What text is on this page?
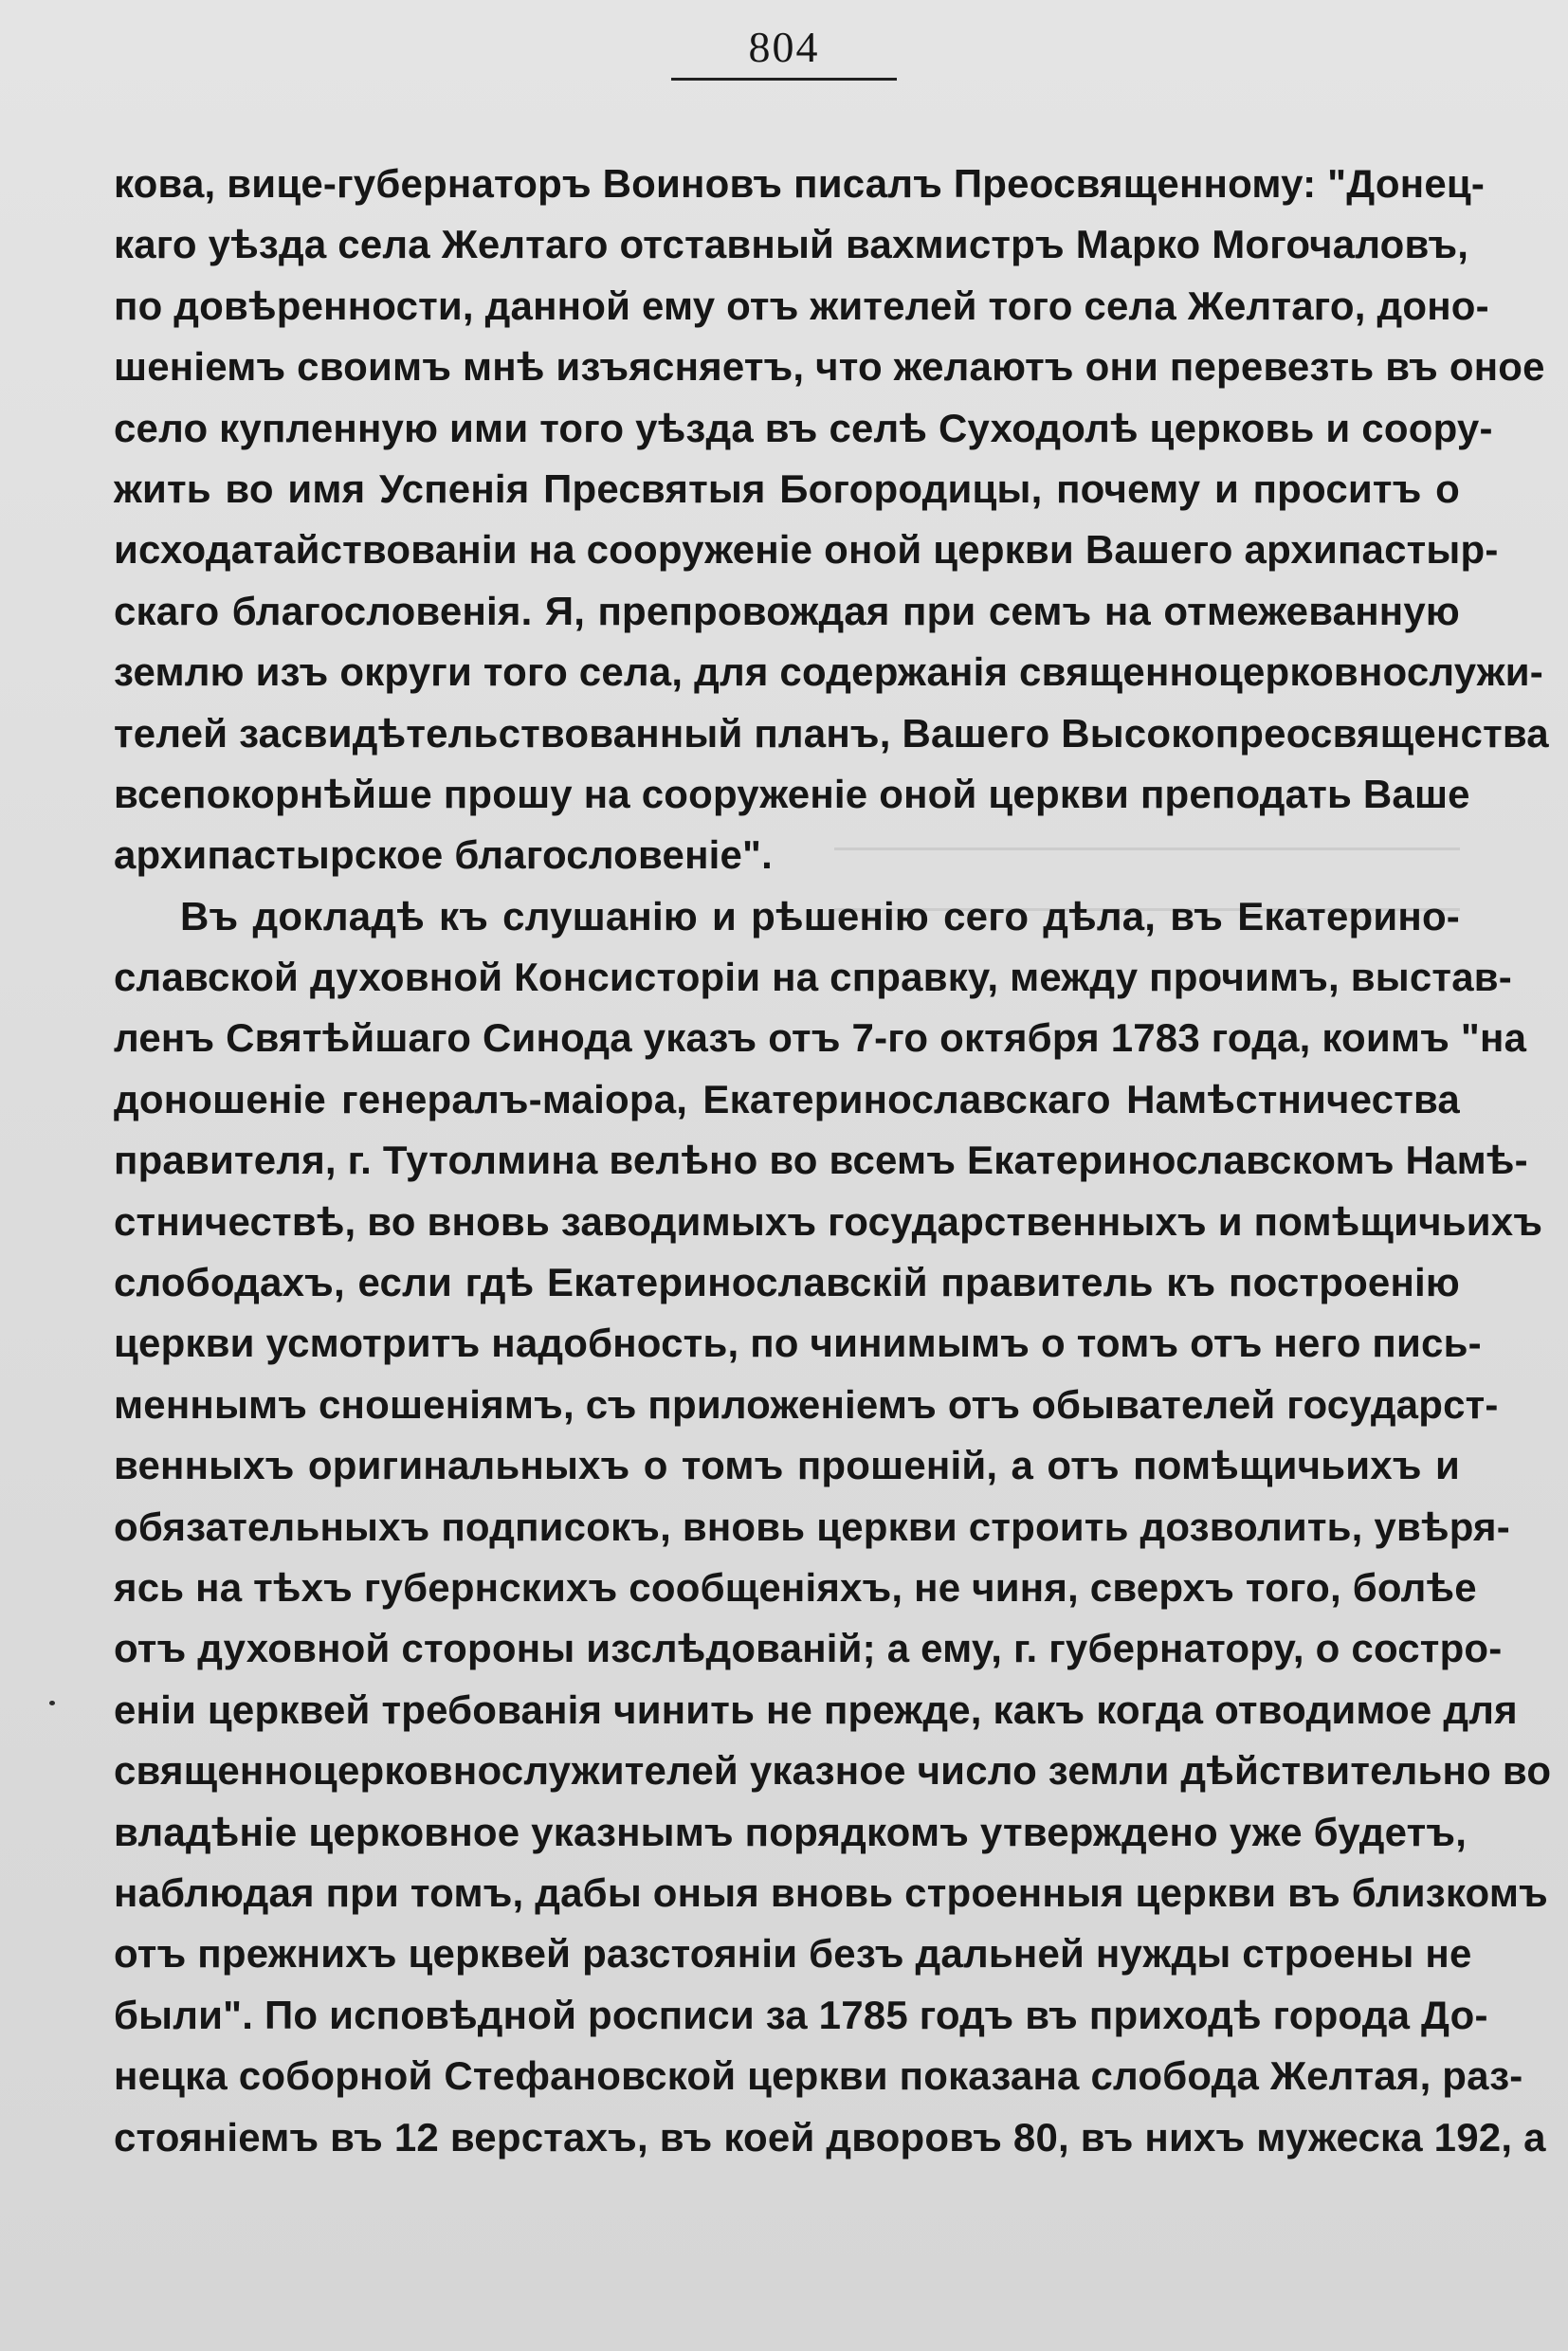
804
кова, вице-губернаторъ Воиновъ писалъ Преосвященному: "Донец-
каго уѣзда села Желтаго отставный вахмистръ Марко Могочаловъ,
по довѣренности, данной ему отъ жителей того села Желтаго, доно-
шеніемъ своимъ мнѣ изъясняетъ, что желаютъ они перевезть въ оное
село купленную ими того уѣзда въ селѣ Суходолѣ церковь и соору-
жить во имя Успенія Пресвятыя Богородицы, почему и проситъ о
исходатайствованіи на сооруженіе оной церкви Вашего архипастыр-
скаго благословенія. Я, препровождая при семъ на отмежеванную
землю изъ округи того села, для содержанія священноцерковнослужи-
телей засвидѣтельствованный планъ, Вашего Высокопреосвященства
всепокорнѣйше прошу на сооруженіе оной церкви преподать Ваше
архипастырское благословеніе".
Въ докладѣ къ слушанію и рѣшенію сего дѣла, въ Екатерино-
славской духовной Консисторіи на справку, между прочимъ, выстав-
ленъ Святѣйшаго Синода указъ отъ 7-го октября 1783 года, коимъ "на
доношеніе генералъ-маіора, Екатеринославскаго Намѣстничества
правителя, г. Тутолмина велѣно во всемъ Екатеринославскомъ Намѣ-
стничествѣ, во вновь заводимыхъ государственныхъ и помѣщичьихъ
слободахъ, если гдѣ Екатеринославскій правитель къ построенію
церкви усмотритъ надобность, по чинимымъ о томъ отъ него пись-
меннымъ сношеніямъ, съ приложеніемъ отъ обывателей государст-
венныхъ оригинальныхъ о томъ прошеній, а отъ помѣщичьихъ и
обязательныхъ подписокъ, вновь церкви строить дозволить, увѣря-
ясь на тѣхъ губернскихъ сообщеніяхъ, не чиня, сверхъ того, болѣе
отъ духовной стороны изслѣдованій; а ему, г. губернатору, о состро-
еніи церквей требованія чинить не прежде, какъ когда отводимое для
священноцерковнослужителей указное число земли дѣйствительно во
владѣніе церковное указнымъ порядкомъ утверждено уже будетъ,
наблюдая при томъ, дабы оныя вновь строенныя церкви въ близкомъ
отъ прежнихъ церквей разстояніи безъ дальней нужды строены не
были". По исповѣдной росписи за 1785 годъ въ приходѣ города До-
нецка соборной Стефановской церкви показана слобода Желтая, раз-
стояніемъ въ 12 верстахъ, въ коей дворовъ 80, въ нихъ мужеска 192, а
